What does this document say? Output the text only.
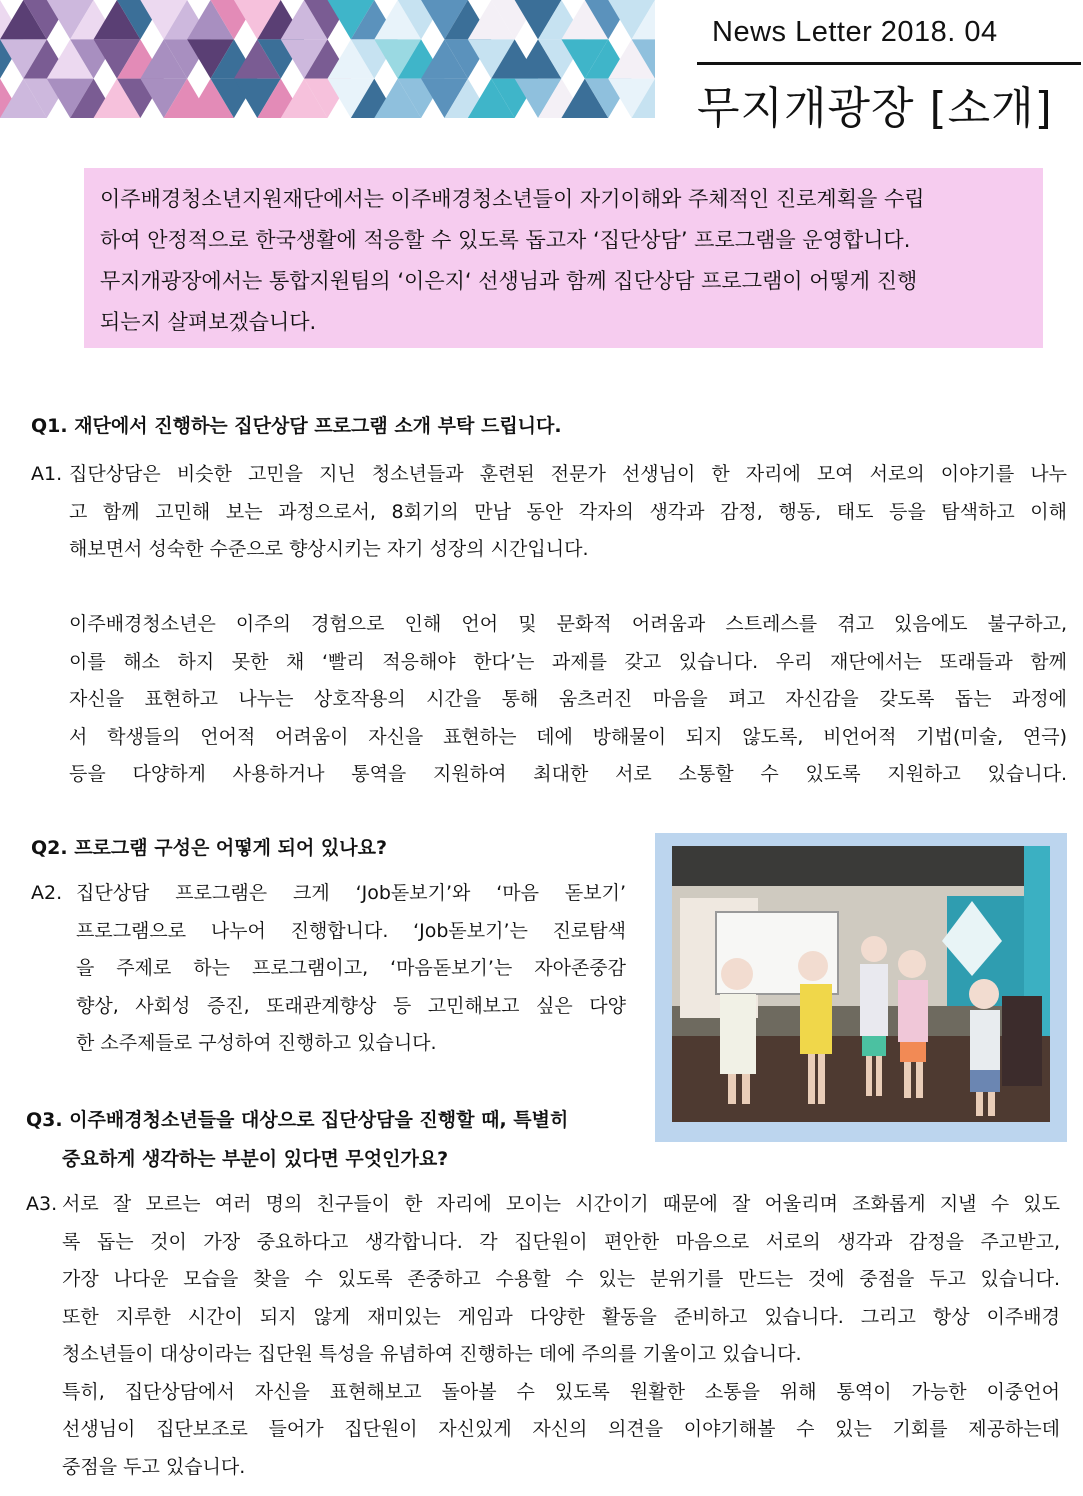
News Letter 2018. 04
무지개광장 [소개]

이주배경청소년지원재단에서는 이주배경청소년들이 자기이해와 주체적인 진로계획을 수립

하여 안정적으로 한국생활에 적응할 수 있도록 돕고자 ‘집단상담’ 프로그램을 운영합니다.

무지개광장에서는 통합지원팀의 ‘이은지‘ 선생님과 함께 집단상담 프로그램이 어떻게 진행

되는지 살펴보겠습니다.

Q1. 재단에서 진행하는 집단상담 프로그램 소개 부탁 드립니다.
A1. 집단상담은 비슷한 고민을 지닌 청소년들과 훈련된 전문가 선생님이 한 자리에 모여 서로의 이야기를 나누

고 함께 고민해 보는 과정으로서, 8회기의 만남 동안 각자의 생각과 감정, 행동, 태도 등을 탐색하고 이해

해보면서 성숙한 수준으로 향상시키는 자기 성장의 시간입니다.

이주배경청소년은 이주의 경험으로 인해 언어 및 문화적 어려움과 스트레스를 겪고 있음에도 불구하고,

이를 해소 하지 못한 채 ‘빨리 적응해야 한다’는 과제를 갖고 있습니다. 우리 재단에서는 또래들과 함께

자신을 표현하고 나누는 상호작용의 시간을 통해 움츠러진 마음을 펴고 자신감을 갖도록 돕는 과정에

서 학생들의 언어적 어려움이 자신을 표현하는 데에 방해물이 되지 않도록, 비언어적 기법(미술, 연극)

등을 다양하게 사용하거나 통역을 지원하여 최대한 서로 소통할 수 있도록 지원하고 있습니다.

Q2. 프로그램 구성은 어떻게 되어 있나요?
A2. 집단상담 프로그램은 크게 ‘Job돋보기’와 ‘마음 돋보기’

프로그램으로 나누어 진행합니다. ‘Job돋보기’는 진로탐색

을 주제로 하는 프로그램이고, ‘마음돋보기’는 자아존중감

향상, 사회성 증진, 또래관계향상 등 고민해보고 싶은 다양

한 소주제들로 구성하여 진행하고 있습니다.

Q3. 이주배경청소년들을 대상으로 집단상담을 진행할 때, 특별히
중요하게 생각하는 부분이 있다면 무엇인가요?
A3. 서로 잘 모르는 여러 명의 친구들이 한 자리에 모이는 시간이기 때문에 잘 어울리며 조화롭게 지낼 수 있도

록 돕는 것이 가장 중요하다고 생각합니다. 각 집단원이 편안한 마음으로 서로의 생각과 감정을 주고받고,

가장 나다운 모습을 찾을 수 있도록 존중하고 수용할 수 있는 분위기를 만드는 것에 중점을 두고 있습니다.

또한 지루한 시간이 되지 않게 재미있는 게임과 다양한 활동을 준비하고 있습니다. 그리고 항상 이주배경

청소년들이 대상이라는 집단원 특성을 유념하여 진행하는 데에 주의를 기울이고 있습니다.

특히, 집단상담에서 자신을 표현해보고 돌아볼 수 있도록 원활한 소통을 위해 통역이 가능한 이중언어

선생님이 집단보조로 들어가 집단원이 자신있게 자신의 의견을 이야기해볼 수 있는 기회를 제공하는데

중점을 두고 있습니다.
